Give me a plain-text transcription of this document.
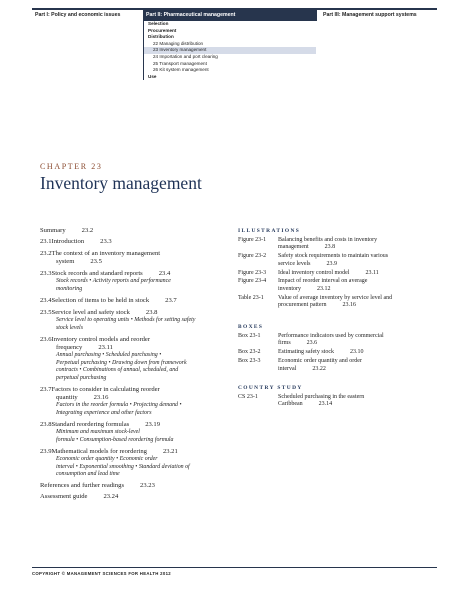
Part I: Policy and economic issues	Part II: Pharmaceutical management	Part III: Management support systems
Selection
Procurement
Distribution
22 Managing distribution
23 Inventory management
24 Importation and port clearing
25 Transport management
26 Kit system management
Use
CHAPTER 23
Inventory management
Summary 23.2
23.1 Introduction 23.3
23.2 The context of an inventory management
system 23.5
23.3 Stock records and standard reports 23.4
Stock records • Activity reports and performance
monitoring
23.4 Selection of items to be held in stock 23.7
23.5 Service level and safety stock 23.8
Service level to operating units • Methods for setting safety
stock levels
23.6 Inventory control models and reorder
frequency 23.11
Annual purchasing • Scheduled purchasing •
Perpetual purchasing • Drawing down from framework
contracts • Combinations of annual, scheduled, and
perpetual purchasing
23.7 Factors to consider in calculating reorder
quantity 23.16
Factors in the reorder formula • Projecting demand •
Integrating experience and other factors
23.8 Standard reordering formulas 23.19
Minimum and maximum stock-level
formula • Consumption-based reordering formula
23.9 Mathematical models for reordering 23.21
Economic order quantity • Economic order
interval • Exponential smoothing • Standard deviation of
consumption and lead time
References and further readings 23.23
Assessment guide 23.24
ILLUSTRATIONS
Figure 23-1	Balancing benefits and costs in inventory
management	23.8
Figure 23-2	Safety stock requirements to maintain various
service levels	23.9
Figure 23-3	Ideal inventory control model	23.11
Figure 23-4	Impact of reorder interval on average
inventory	23.12
Table 23-1	Value of average inventory by service level and
procurement pattern	23.16
BOXES
Box 23-1	Performance indicators used by commercial
firms	23.6
Box 23-2	Estimating safety stock	23.10
Box 23-3	Economic order quantity and order
interval	23.22
COUNTRY STUDY
CS 23-1	Scheduled purchasing in the eastern
Caribbean	23.14
COPYRIGHT © MANAGEMENT SCIENCES FOR HEALTH 2012
